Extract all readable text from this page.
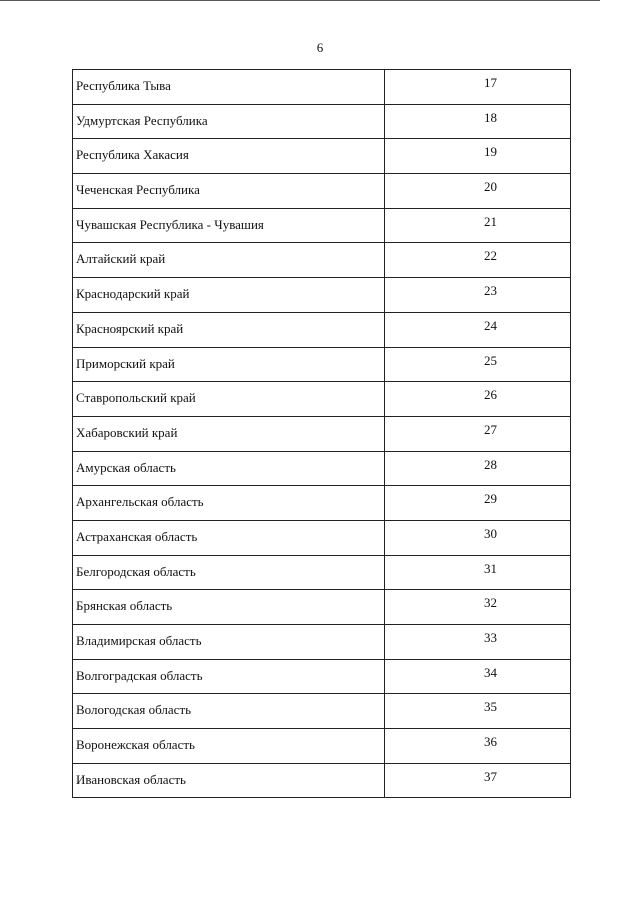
6
Республика Тыва	17
Удмуртская Республика	18
Республика Хакасия	19
Чеченская Республика	20
Чувашская Республика - Чувашия	21
Алтайский край	22
Краснодарский край	23
Красноярский край	24
Приморский край	25
Ставропольский край	26
Хабаровский край	27
Амурская область	28
Архангельская область	29
Астраханская область	30
Белгородская область	31
Брянская область	32
Владимирская область	33
Волгоградская область	34
Вологодская область	35
Воронежская область	36
Ивановская область	37
